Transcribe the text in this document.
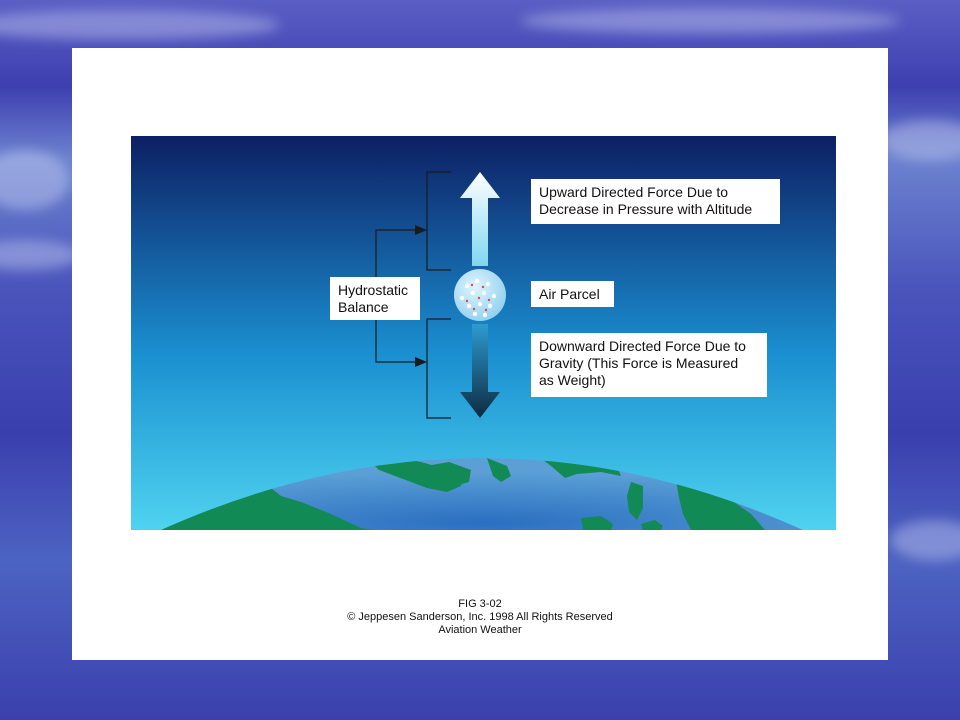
Hydrostatic
Balance
Upward Directed Force Due to
Decrease in Pressure with Altitude
Air Parcel
Downward Directed Force Due to
Gravity (This Force is Measured
as Weight)
FIG 3-02
© Jeppesen Sanderson, Inc. 1998 All Rights Reserved
Aviation Weather
